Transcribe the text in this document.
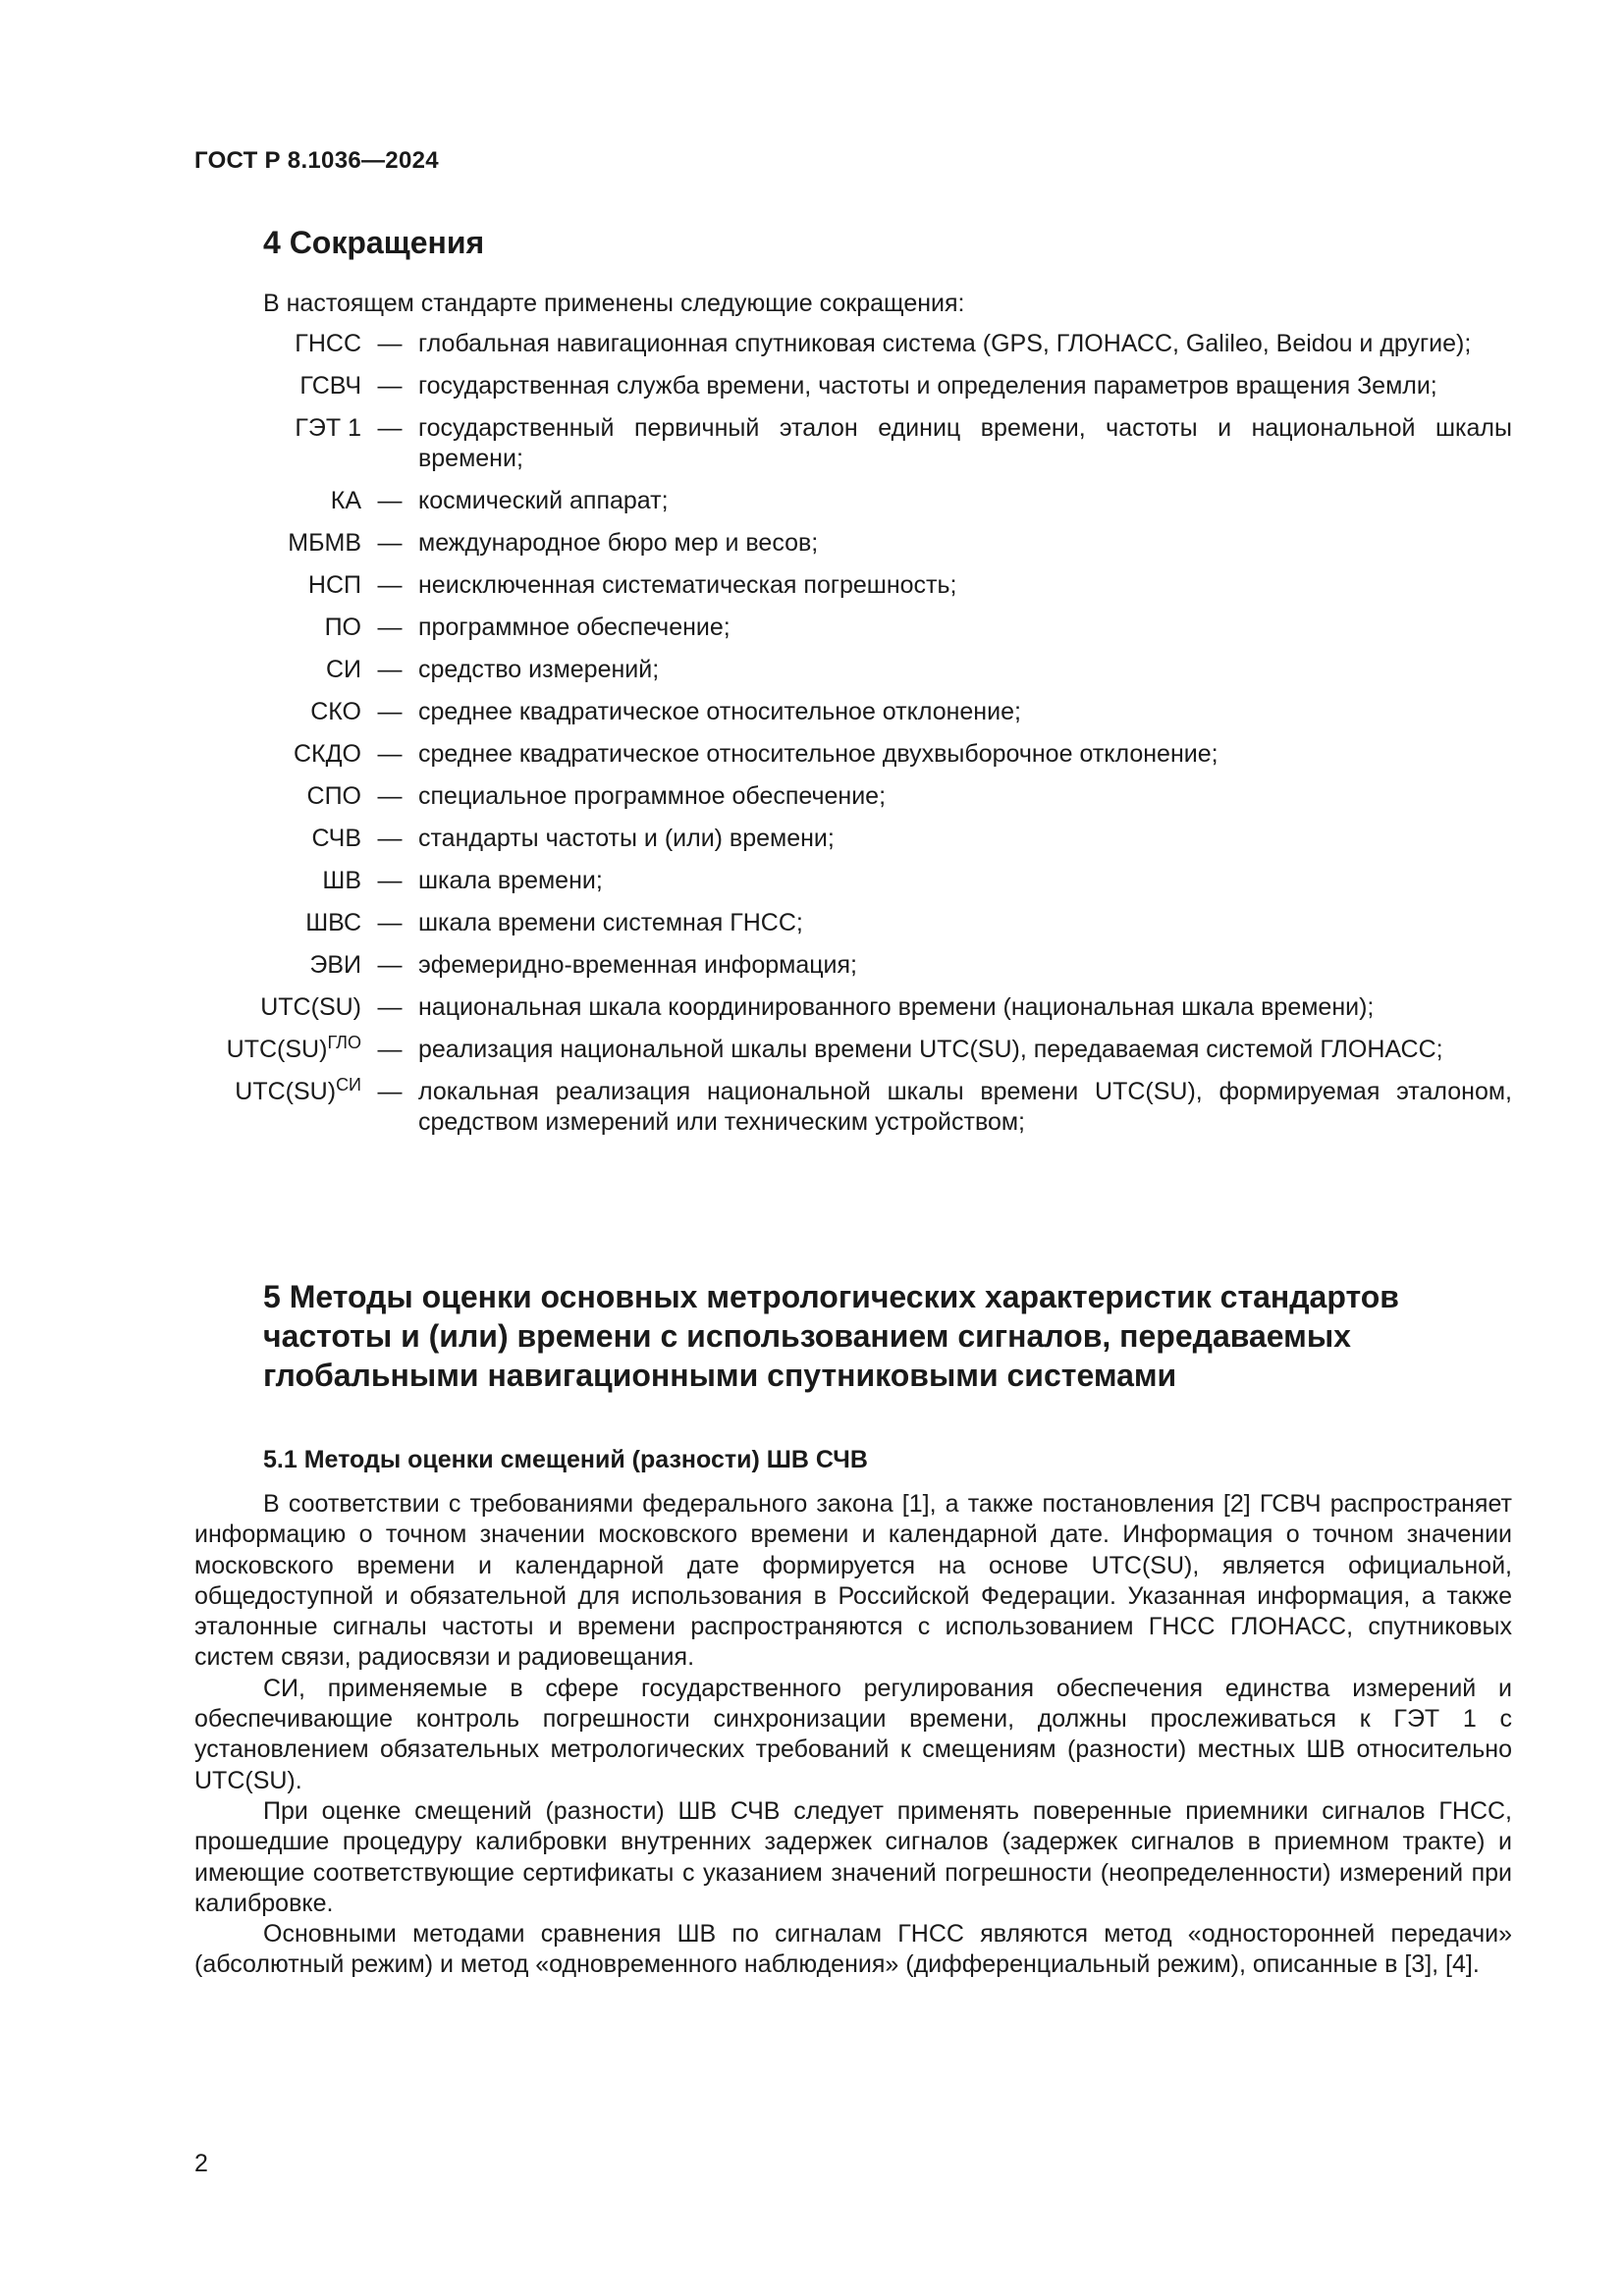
ГОСТ Р 8.1036—2024
4 Сокращения
В настоящем стандарте применены следующие сокращения:
ГНСС — глобальная навигационная спутниковая система (GPS, ГЛОНАСС, Galileo, Beidou и другие);
ГСВЧ — государственная служба времени, частоты и определения параметров вращения Земли;
ГЭТ 1 — государственный первичный эталон единиц времени, частоты и национальной шкалы времени;
КА — космический аппарат;
МБМВ — международное бюро мер и весов;
НСП — неисключенная систематическая погрешность;
ПО — программное обеспечение;
СИ — средство измерений;
СКО — среднее квадратическое относительное отклонение;
СКДО — среднее квадратическое относительное двухвыборочное отклонение;
СПО — специальное программное обеспечение;
СЧВ — стандарты частоты и (или) времени;
ШВ — шкала времени;
ШВС — шкала времени системная ГНСС;
ЭВИ — эфемеридно-временная информация;
UTC(SU) — национальная шкала координированного времени (национальная шкала времени);
UTC(SU)$^{ГЛО}$ — реализация национальной шкалы времени UTC(SU), передаваемая системой ГЛОНАСС;
UTC(SU)$^{СИ}$ — локальная реализация национальной шкалы времени UTC(SU), формируемая эталоном, средством измерений или техническим устройством;
5 Методы оценки основных метрологических характеристик стандартов частоты и (или) времени с использованием сигналов, передаваемых глобальными навигационными спутниковыми системами
5.1 Методы оценки смещений (разности) ШВ СЧВ

В соответствии с требованиями федерального закона [1], а также постановления [2] ГСВЧ распространяет информацию о точном значении московского времени и календарной дате. Информация о точном значении московского времени и календарной дате формируется на основе UTC(SU), является официальной, общедоступной и обязательной для использования в Российской Федерации. Указанная информация, а также эталонные сигналы частоты и времени распространяются с использованием ГНСС ГЛОНАСС, спутниковых систем связи, радиосвязи и радиовещания.

СИ, применяемые в сфере государственного регулирования обеспечения единства измерений и обеспечивающие контроль погрешности синхронизации времени, должны прослеживаться к ГЭТ 1 с установлением обязательных метрологических требований к смещениям (разности) местных ШВ относительно UTC(SU).

При оценке смещений (разности) ШВ СЧВ следует применять поверенные приемники сигналов ГНСС, прошедшие процедуру калибровки внутренних задержек сигналов (задержек сигналов в приемном тракте) и имеющие соответствующие сертификаты с указанием значений погрешности (неопределенности) измерений при калибровке.

Основными методами сравнения ШВ по сигналам ГНСС являются метод «односторонней передачи» (абсолютный режим) и метод «одновременного наблюдения» (дифференциальный режим), описанные в [3], [4].

2
